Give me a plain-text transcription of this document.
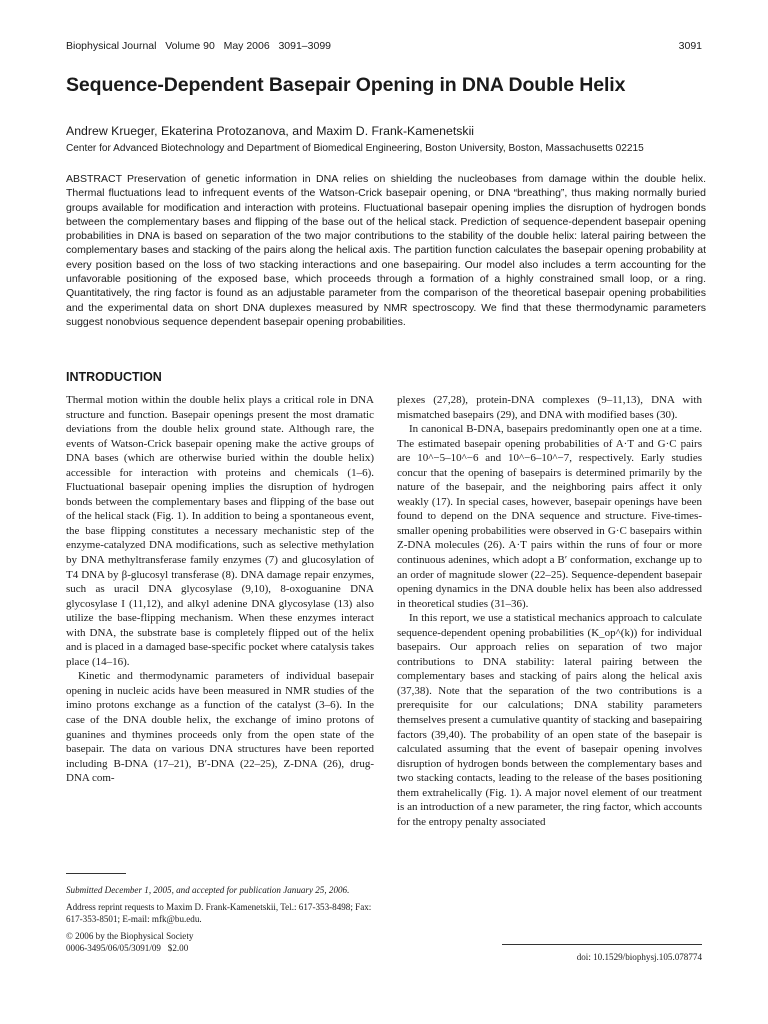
Biophysical Journal   Volume 90   May 2006   3091–3099	3091
Sequence-Dependent Basepair Opening in DNA Double Helix
Andrew Krueger, Ekaterina Protozanova, and Maxim D. Frank-Kamenetskii
Center for Advanced Biotechnology and Department of Biomedical Engineering, Boston University, Boston, Massachusetts 02215

ABSTRACT Preservation of genetic information in DNA relies on shielding the nucleobases from damage within the double helix. Thermal fluctuations lead to infrequent events of the Watson-Crick basepair opening, or DNA “breathing”, thus making normally buried groups available for modification and interaction with proteins. Fluctuational basepair opening implies the disruption of hydrogen bonds between the complementary bases and flipping of the base out of the helical stack. Prediction of sequence-dependent basepair opening probabilities in DNA is based on separation of the two major contributions to the stability of the double helix: lateral pairing between the complementary bases and stacking of the pairs along the helical axis. The partition function calculates the basepair opening probability at every position based on the loss of two stacking interactions and one basepairing. Our model also includes a term accounting for the unfavorable positioning of the exposed base, which proceeds through a formation of a highly constrained small loop, or a ring. Quantitatively, the ring factor is found as an adjustable parameter from the comparison of the theoretical basepair opening probabilities and the experimental data on short DNA duplexes measured by NMR spectroscopy. We find that these thermodynamic parameters suggest nonobvious sequence dependent basepair opening probabilities.

INTRODUCTION

Thermal motion within the double helix plays a critical role in DNA structure and function. Basepair openings present the most dramatic deviations from the double helix ground state. Although rare, the events of Watson-Crick basepair opening make the active groups of DNA bases (which are otherwise buried within the double helix) accessible for interaction with proteins and chemicals (1–6). Fluctuational basepair opening implies the disruption of hydrogen bonds between the complementary bases and flipping of the base out of the helical stack (Fig. 1). In addition to being a spontaneous event, the base flipping constitutes a necessary mechanistic step of the enzyme-catalyzed DNA modifications, such as selective methylation by DNA methyltransferase family enzymes (7) and glucosylation of T4 DNA by β-glucosyl transferase (8). DNA damage repair enzymes, such as uracil DNA glycosylase (9,10), 8-oxoguanine DNA glycosylase I (11,12), and alkyl adenine DNA glycosylase (13) also utilize the base-flipping mechanism. When these enzymes interact with DNA, the substrate base is completely flipped out of the helix and is placed in a damaged base-specific pocket where catalysis takes place (14–16).

Kinetic and thermodynamic parameters of individual basepair opening in nucleic acids have been measured in NMR studies of the imino protons exchange as a function of the catalyst (3–6). In the case of the DNA double helix, the exchange of imino protons of guanines and thymines proceeds only from the open state of the basepair. The data on various DNA structures have been reported including B-DNA (17–21), B′-DNA (22–25), Z-DNA (26), drug-DNA com-

plexes (27,28), protein-DNA complexes (9–11,13), DNA with mismatched basepairs (29), and DNA with modified bases (30).

In canonical B-DNA, basepairs predominantly open one at a time. The estimated basepair opening probabilities of A·T and G·C pairs are 10^−5–10^−6 and 10^−6–10^−7, respectively. Early studies concur that the opening of basepairs is determined primarily by the nature of the basepair, and the neighboring pairs affect it only weakly (17). In special cases, however, basepair openings have been found to depend on the DNA sequence and structure. Five-times-smaller opening probabilities were observed in G·C basepairs within Z-DNA molecules (26). A·T pairs within the runs of four or more continuous adenines, which adopt a B′ conformation, exchange up to an order of magnitude slower (22–25). Sequence-dependent basepair opening dynamics in the DNA double helix has been also addressed in theoretical studies (31–36).

In this report, we use a statistical mechanics approach to calculate sequence-dependent opening probabilities (K_op^(k)) for individual basepairs. Our approach relies on separation of two major contributions to DNA stability: lateral pairing between the complementary bases and stacking of pairs along the helical axis (37,38). Note that the separation of the two contributions is a prerequisite for our calculations; DNA stability parameters themselves present a cumulative quantity of stacking and basepairing factors (39,40). The probability of an open state of the basepair is calculated assuming that the event of basepair opening involves disruption of hydrogen bonds between the complementary bases and two stacking contacts, leading to the release of the bases positioning them extrahelically (Fig. 1). A major novel element of our treatment is an introduction of a new parameter, the ring factor, which accounts for the entropy penalty associated

Submitted December 1, 2005, and accepted for publication January 25, 2006.

Address reprint requests to Maxim D. Frank-Kamenetskii, Tel.: 617-353-8498; Fax: 617-353-8501; E-mail: mfk@bu.edu.

© 2006 by the Biophysical Society

0006-3495/06/05/3091/09   $2.00

doi: 10.1529/biophysj.105.078774
